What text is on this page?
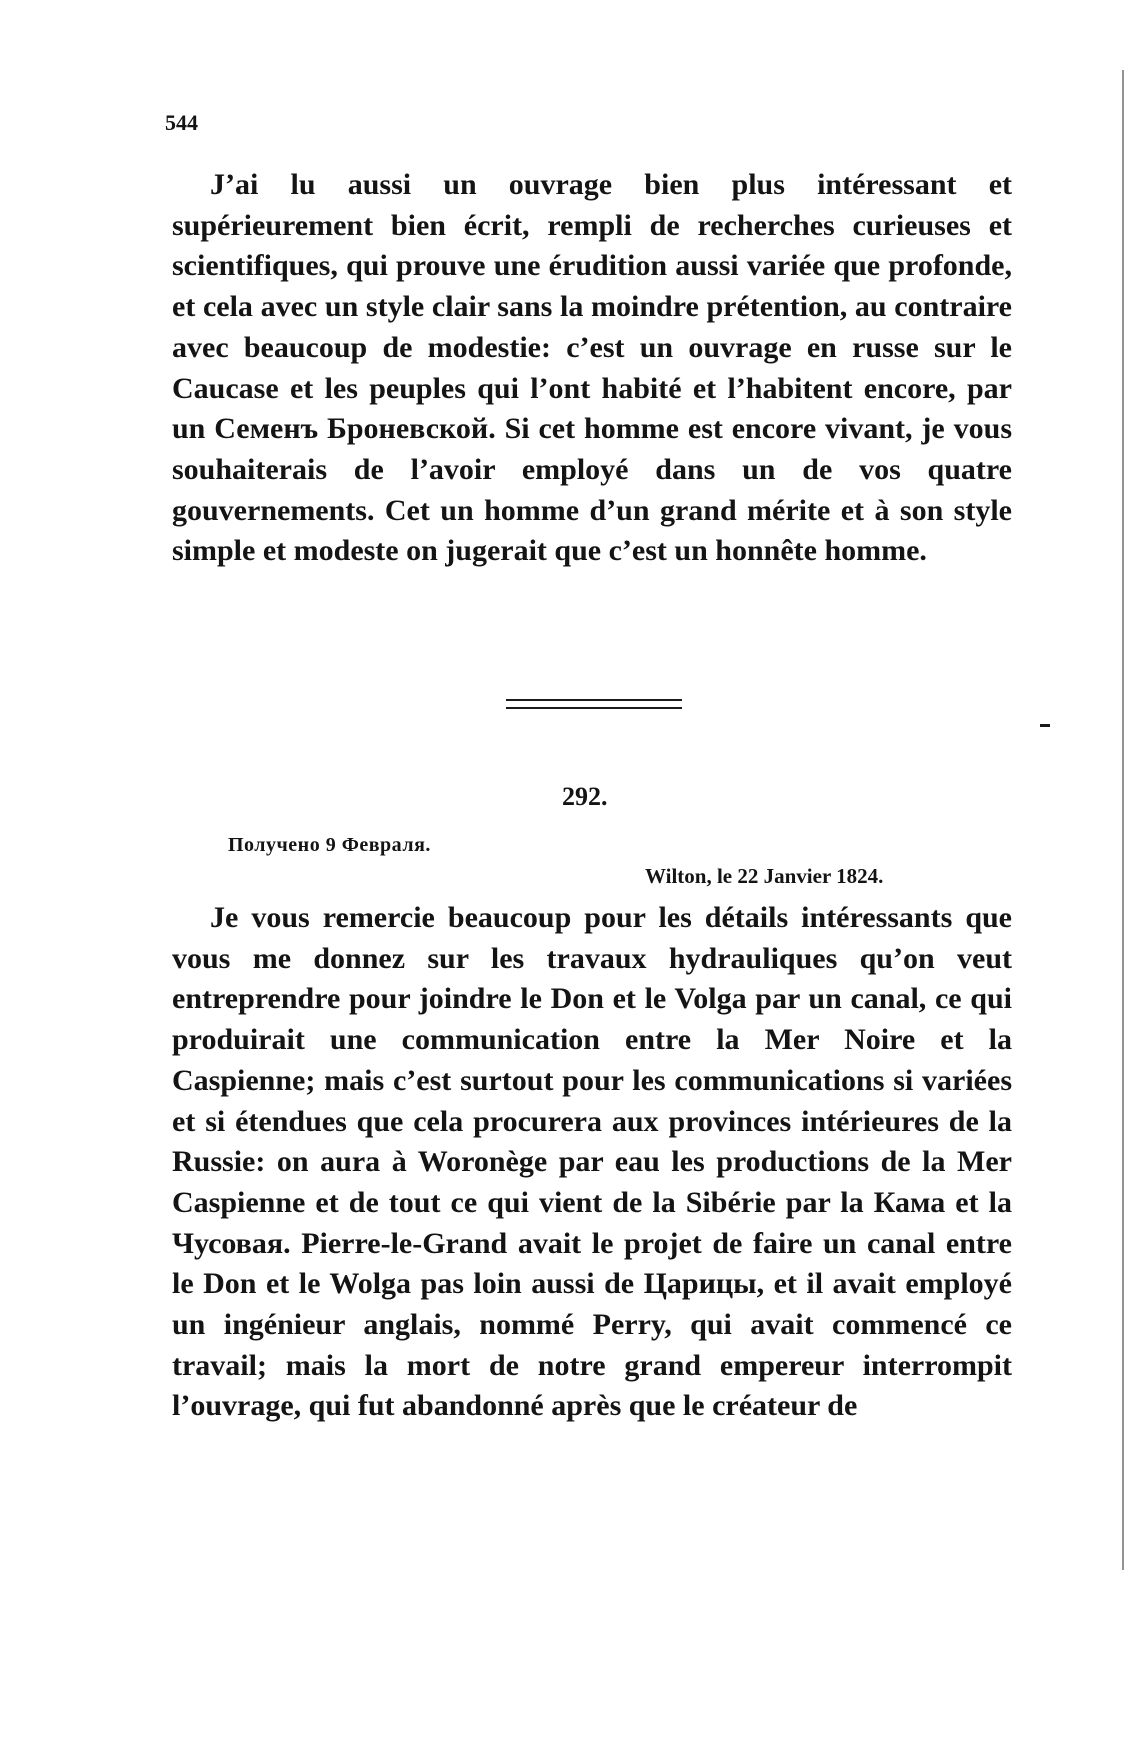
544

J’ai lu aussi un ouvrage bien plus intéressant et supérieurement bien écrit, rempli de recherches curieuses et scientifiques, qui prouve une érudition aussi variée que profonde, et cela avec un style clair sans la moindre prétention, au contraire avec beaucoup de modestie: c’est un ouvrage en russe sur le Caucase et les peuples qui l’ont habité et l’habitent encore, par un Семенъ Броневской. Si cet homme est encore vivant, je vous souhaiterais de l’avoir employé dans un de vos quatre gouvernements. Cet un homme d’un grand mérite et à son style simple et modeste on jugerait que c’est un honnête homme.

292.
Получено 9 Февраля.
Wilton, le 22 Janvier 1824.

Je vous remercie beaucoup pour les détails intéressants que vous me donnez sur les travaux hydrauliques qu’on veut entreprendre pour joindre le Don et le Volga par un canal, ce qui produirait une communication entre la Mer Noire et la Caspienne; mais c’est surtout pour les communications si variées et si étendues que cela procurera aux provinces intérieures de la Russie: on aura à Woronège par eau les productions de la Mer Caspienne et de tout ce qui vient de la Sibérie par la Кама et la Чусовая. Pierre-le-Grand avait le projet de faire un canal entre le Don et le Wolga pas loin aussi de Царицы, et il avait employé un ingénieur anglais, nommé Perry, qui avait commencé ce travail; mais la mort de notre grand empereur interrompit l’ouvrage, qui fut abandonné après que le créateur de
